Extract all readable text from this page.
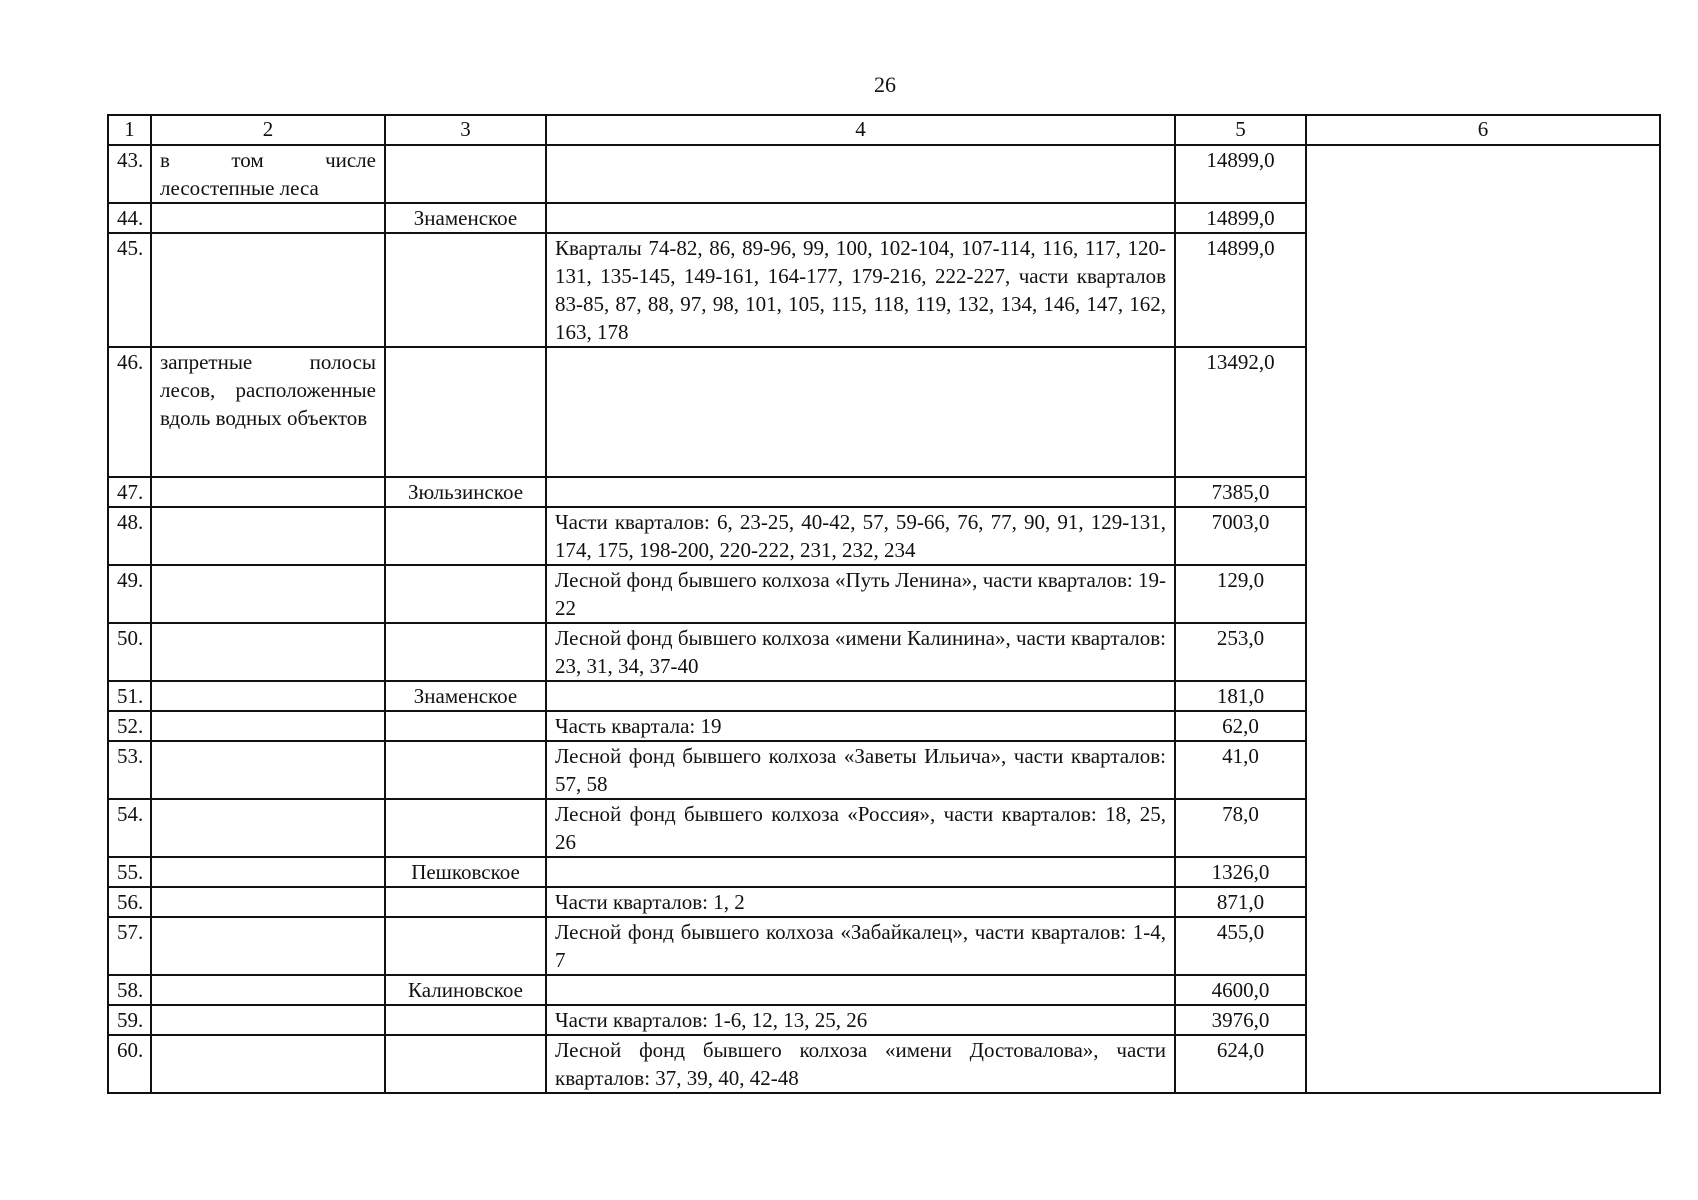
26
1	2	3	4	5	6
43.	в том числе лесостепные леса			14899,0	
44.		Знаменское		14899,0	
45.			Кварталы 74-82, 86, 89-96, 99, 100, 102-104, 107-114, 116, 117, 120-131, 135-145, 149-161, 164-177, 179-216, 222-227, части кварталов 83-85, 87, 88, 97, 98, 101, 105, 115, 118, 119, 132, 134, 146, 147, 162, 163, 178	14899,0	
46.	запретные полосы лесов, расположенные вдоль водных объектов			13492,0	
47.		Зюльзинское		7385,0	
48.			Части кварталов: 6, 23-25, 40-42, 57, 59-66, 76, 77, 90, 91, 129-131, 174, 175, 198-200, 220-222, 231, 232, 234	7003,0	
49.			Лесной фонд бывшего колхоза «Путь Ленина», части кварталов: 19-22	129,0	
50.			Лесной фонд бывшего колхоза «имени Калинина», части кварталов: 23, 31, 34, 37-40	253,0	
51.		Знаменское		181,0	
52.			Часть квартала: 19	62,0	
53.			Лесной фонд бывшего колхоза «Заветы Ильича», части кварталов: 57, 58	41,0	
54.			Лесной фонд бывшего колхоза «Россия», части кварталов: 18, 25, 26	78,0	
55.		Пешковское		1326,0	
56.			Части кварталов: 1, 2	871,0	
57.			Лесной фонд бывшего колхоза «Забайкалец», части кварталов: 1-4, 7	455,0	
58.		Калиновское		4600,0	
59.			Части кварталов: 1-6, 12, 13, 25, 26	3976,0	
60.			Лесной фонд бывшего колхоза «имени Достовалова», части кварталов: 37, 39, 40, 42-48	624,0	
